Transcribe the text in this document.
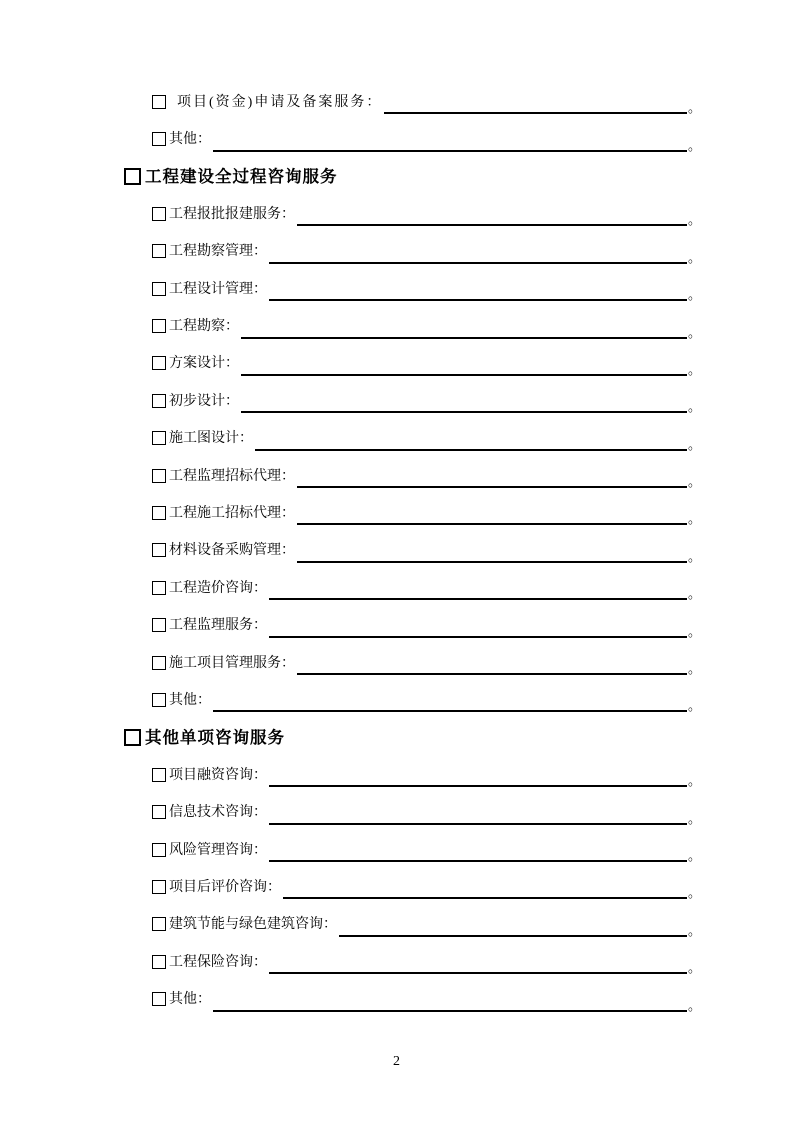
项目(资金)申请及备案服务：	。
其他：	。
工程建设全过程咨询服务
工程报批报建服务：	。
工程勘察管理：	。
工程设计管理：	。
工程勘察：	。
方案设计：	。
初步设计：	。
施工图设计：	。
工程监理招标代理：	。
工程施工招标代理：	。
材料设备采购管理：	。
工程造价咨询：	。
工程监理服务：	。
施工项目管理服务：	。
其他：	。
其他单项咨询服务
项目融资咨询：	。
信息技术咨询：	。
风险管理咨询：	。
项目后评价咨询：	。
建筑节能与绿色建筑咨询：	。
工程保险咨询：	。
其他：	。
2
